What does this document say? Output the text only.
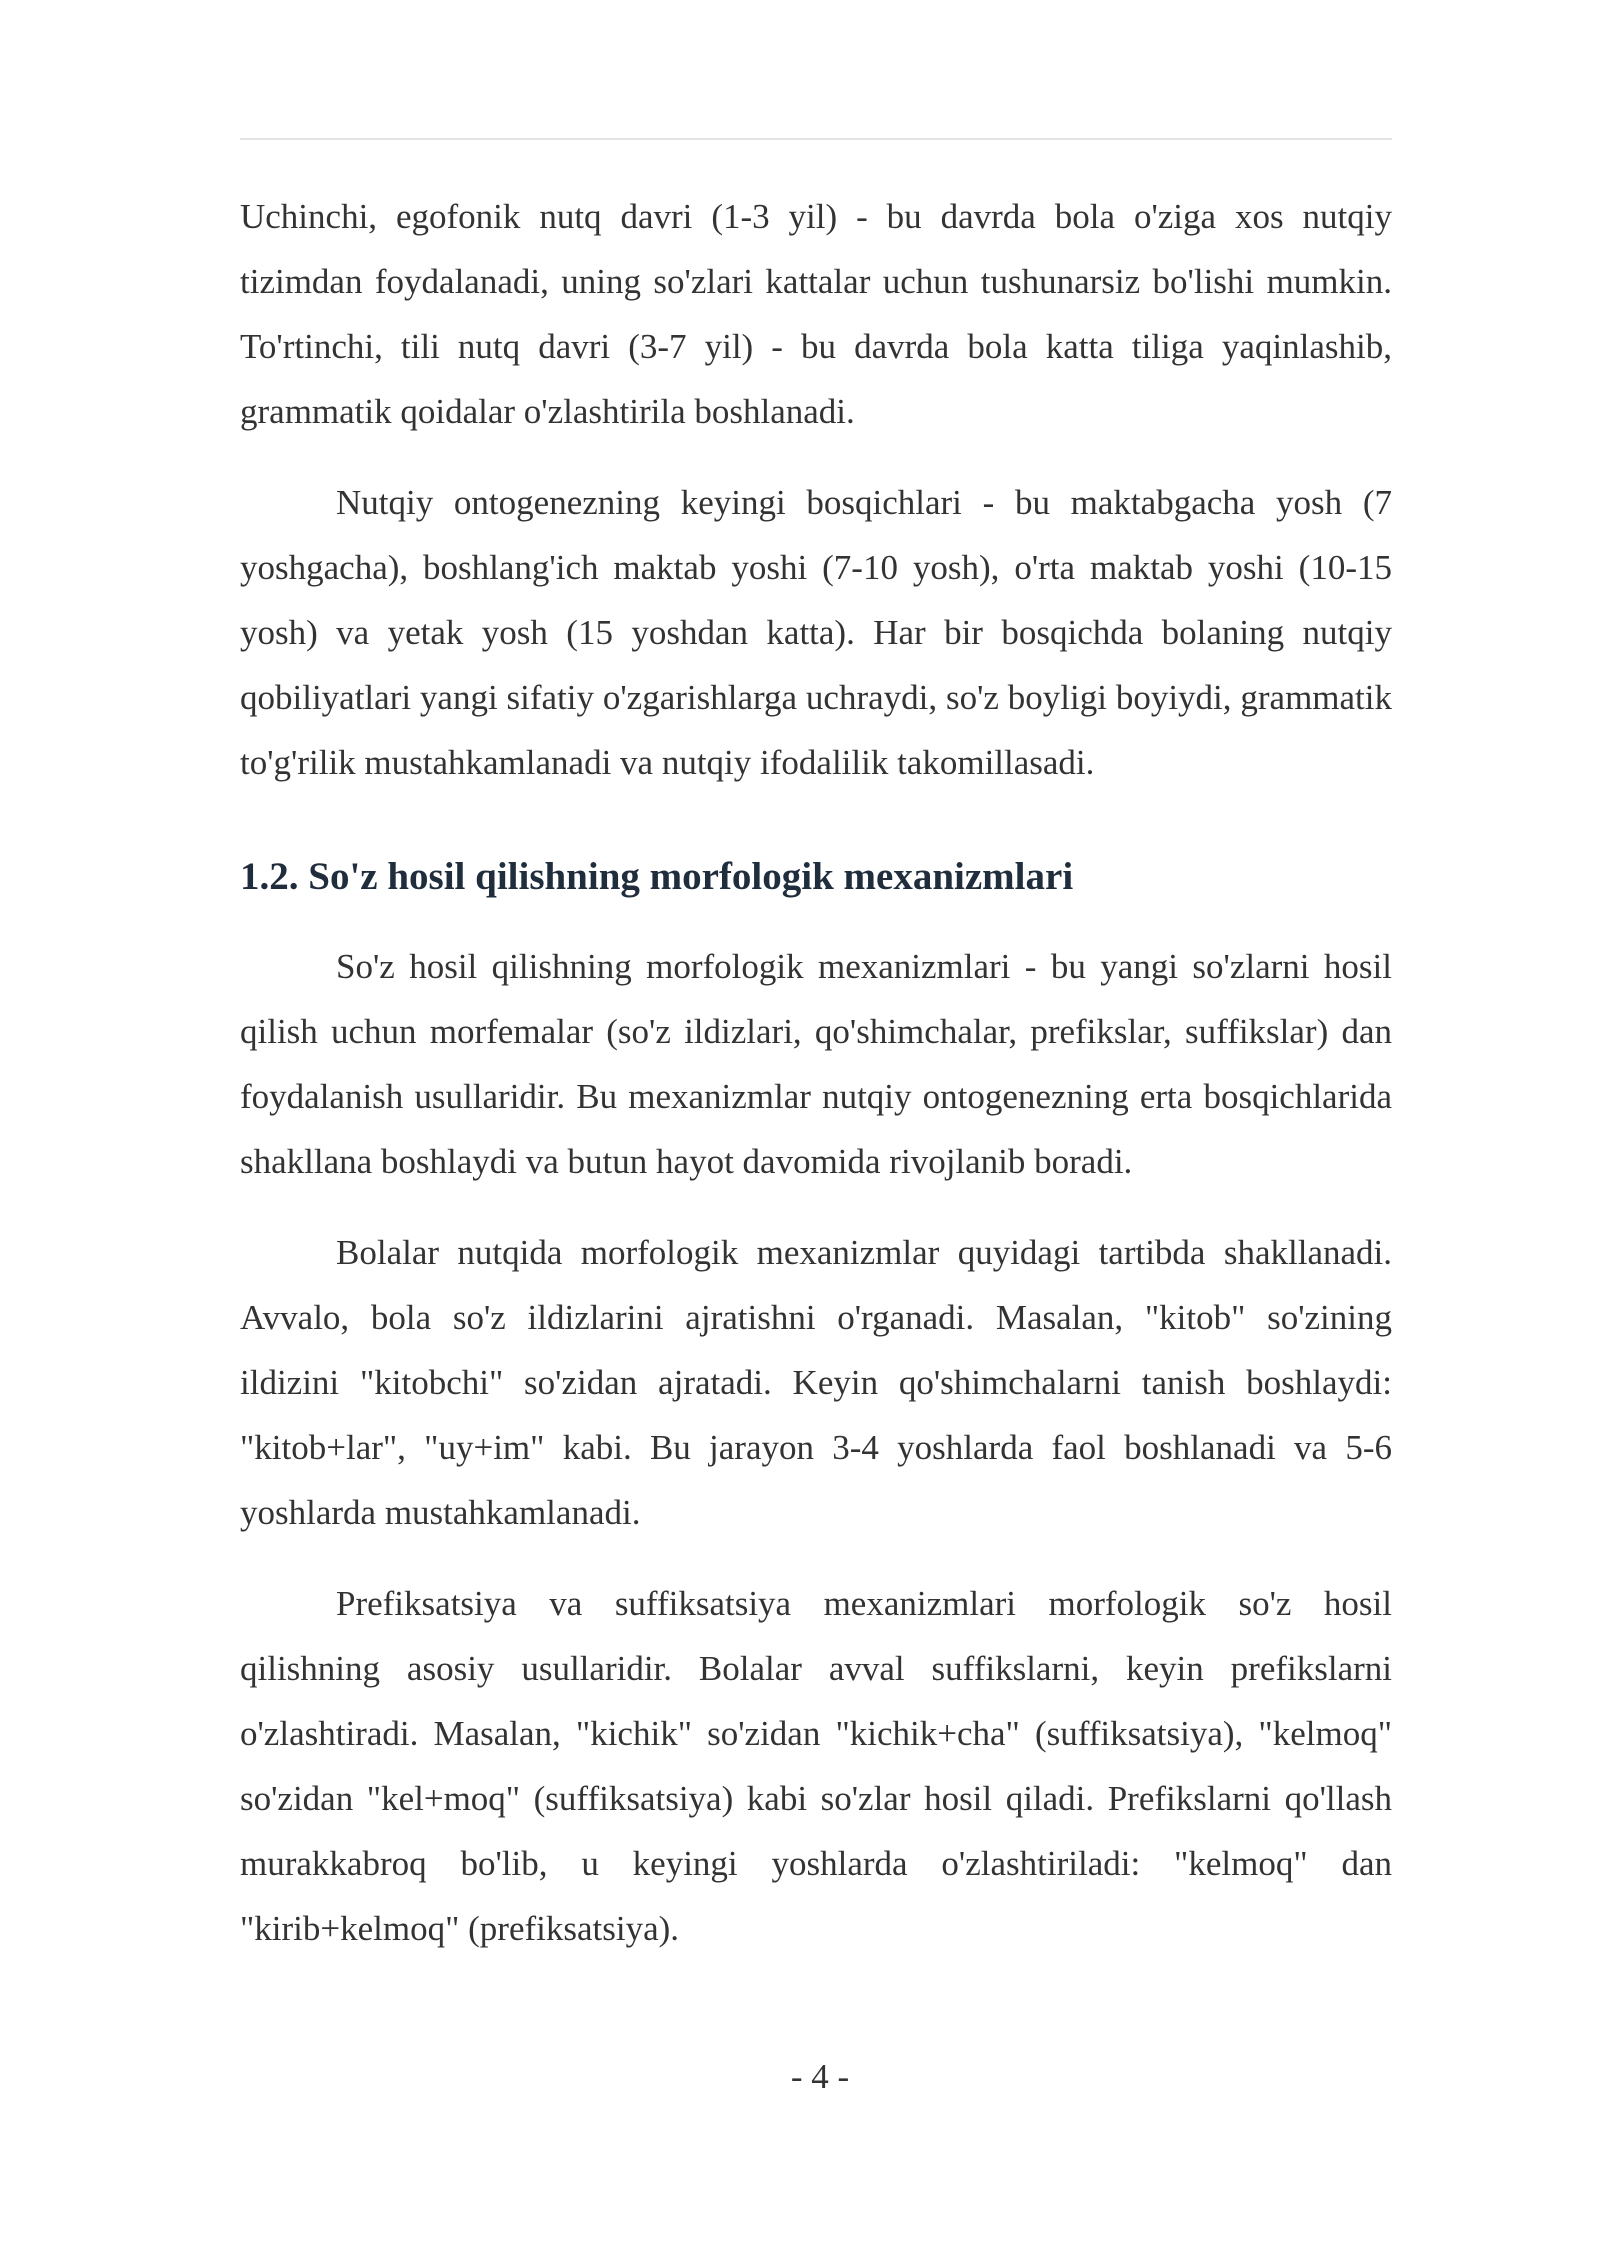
Uchinchi, egofonik nutq davri (1-3 yil) - bu davrda bola o'ziga xos nutqiy tizimdan foydalanadi, uning so'zlari kattalar uchun tushunarsiz bo'lishi mumkin. To'rtinchi, tili nutq davri (3-7 yil) - bu davrda bola katta tiliga yaqinlashib, grammatik qoidalar o'zlashtirila boshlanadi.

Nutqiy ontogenezning keyingi bosqichlari - bu maktabgacha yosh (7 yoshgacha), boshlang'ich maktab yoshi (7-10 yosh), o'rta maktab yoshi (10-15 yosh) va yetak yosh (15 yoshdan katta). Har bir bosqichda bolaning nutqiy qobiliyatlari yangi sifatiy o'zgarishlarga uchraydi, so'z boyligi boyiydi, grammatik to'g'rilik mustahkamlanadi va nutqiy ifodalilik takomillasadi.

1.2. So'z hosil qilishning morfologik mexanizmlari

So'z hosil qilishning morfologik mexanizmlari - bu yangi so'zlarni hosil qilish uchun morfemalar (so'z ildizlari, qo'shimchalar, prefikslar, suffikslar) dan foydalanish usullaridir. Bu mexanizmlar nutqiy ontogenezning erta bosqichlarida shakllana boshlaydi va butun hayot davomida rivojlanib boradi.

Bolalar nutqida morfologik mexanizmlar quyidagi tartibda shakllanadi. Avvalo, bola so'z ildizlarini ajratishni o'rganadi. Masalan, "kitob" so'zining ildizini "kitobchi" so'zidan ajratadi. Keyin qo'shimchalarni tanish boshlaydi: "kitob+lar", "uy+im" kabi. Bu jarayon 3-4 yoshlarda faol boshlanadi va 5-6 yoshlarda mustahkamlanadi.

Prefiksatsiya va suffiksatsiya mexanizmlari morfologik so'z hosil qilishning asosiy usullaridir. Bolalar avval suffikslarni, keyin prefikslarni o'zlashtiradi. Masalan, "kichik" so'zidan "kichik+cha" (suffiksatsiya), "kelmoq" so'zidan "kel+moq" (suffiksatsiya) kabi so'zlar hosil qiladi. Prefikslarni qo'llash murakkabroq bo'lib, u keyingi yoshlarda o'zlashtiriladi: "kelmoq" dan "kirib+kelmoq" (prefiksatsiya).

- 4 -
